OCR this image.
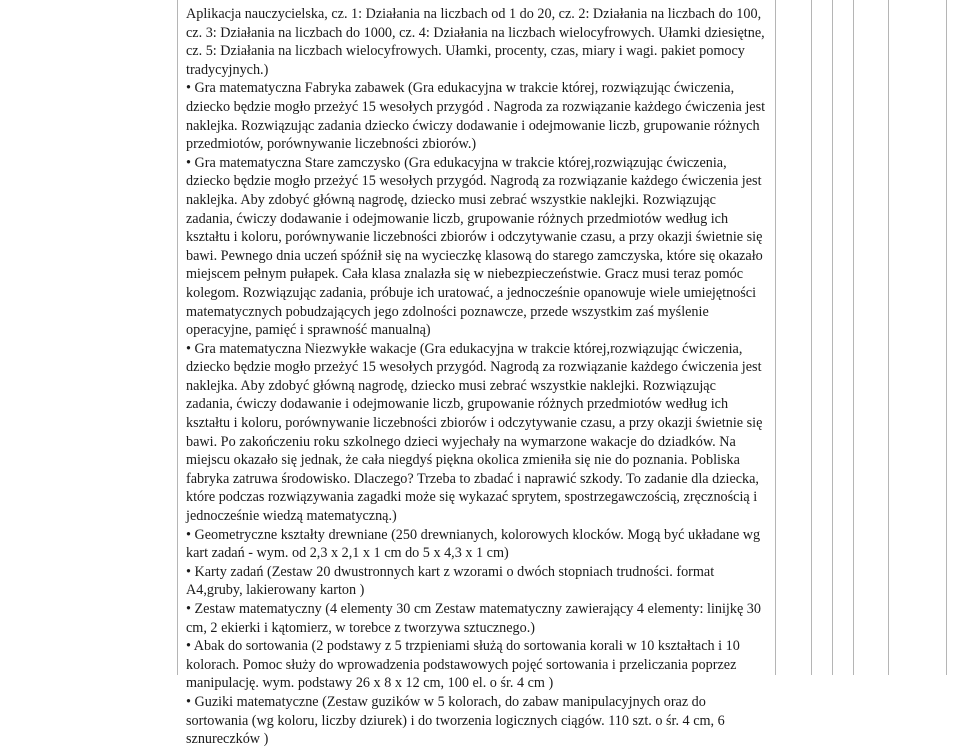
Aplikacja nauczycielska, cz. 1: Działania na liczbach od 1 do 20, cz. 2: Działania na liczbach do 100, cz. 3: Działania na liczbach do 1000, cz. 4: Działania na liczbach wielocyfrowych. Ułamki dziesiętne, cz. 5: Działania na liczbach wielocyfrowych. Ułamki, procenty, czas, miary i wagi. pakiet pomocy tradycyjnych.)

• Gra matematyczna Fabryka zabawek (Gra edukacyjna w trakcie której, rozwiązując ćwiczenia, dziecko będzie mogło przeżyć 15 wesołych przygód . Nagroda za rozwiązanie każdego ćwiczenia jest naklejka. Rozwiązując zadania dziecko ćwiczy dodawanie i odejmowanie liczb, grupowanie różnych przedmiotów, porównywanie liczebności zbiorów.)

• Gra matematyczna Stare zamczysko (Gra edukacyjna w trakcie której,rozwiązując ćwiczenia, dziecko będzie mogło przeżyć 15 wesołych przygód. Nagrodą za rozwiązanie każdego ćwiczenia jest naklejka. Aby zdobyć główną nagrodę, dziecko musi zebrać wszystkie naklejki. Rozwiązując zadania, ćwiczy dodawanie i odejmowanie liczb, grupowanie różnych przedmiotów według ich kształtu i koloru, porównywanie liczebności zbiorów i odczytywanie czasu, a przy okazji świetnie się bawi. Pewnego dnia uczeń spóźnił się na wycieczkę klasową do starego zamczyska, które się okazało miejscem pełnym pułapek. Cała klasa znalazła się w niebezpieczeństwie. Gracz musi teraz pomóc kolegom. Rozwiązując zadania, próbuje ich uratować, a jednocześnie opanowuje wiele umiejętności matematycznych pobudzających jego zdolności poznawcze, przede wszystkim zaś myślenie operacyjne, pamięć i sprawność manualną)

• Gra matematyczna Niezwykłe wakacje (Gra edukacyjna w trakcie której,rozwiązując ćwiczenia, dziecko będzie mogło przeżyć 15 wesołych przygód. Nagrodą za rozwiązanie każdego ćwiczenia jest naklejka. Aby zdobyć główną nagrodę, dziecko musi zebrać wszystkie naklejki. Rozwiązując zadania, ćwiczy dodawanie i odejmowanie liczb, grupowanie różnych przedmiotów według ich kształtu i koloru, porównywanie liczebności zbiorów i odczytywanie czasu, a przy okazji świetnie się bawi. Po zakończeniu roku szkolnego dzieci wyjechały na wymarzone wakacje do dziadków. Na miejscu okazało się jednak, że cała niegdyś piękna okolica zmieniła się nie do poznania. Pobliska fabryka zatruwa środowisko. Dlaczego? Trzeba to zbadać i naprawić szkody. To zadanie dla dziecka, które podczas rozwiązywania zagadki może się wykazać sprytem, spostrzegawczością, zręcznością i jednocześnie wiedzą matematyczną.)

• Geometryczne kształty drewniane (250 drewnianych, kolorowych klocków. Mogą być układane wg kart zadań - wym. od 2,3 x 2,1 x 1 cm do 5 x 4,3 x 1 cm)

• Karty zadań (Zestaw 20 dwustronnych kart z wzorami o dwóch stopniach trudności. format A4,gruby, lakierowany karton )

• Zestaw matematyczny (4 elementy 30 cm Zestaw matematyczny zawierający 4 elementy: linijkę 30 cm, 2 ekierki i kątomierz, w torebce z tworzywa sztucznego.)

• Abak do sortowania (2 podstawy z 5 trzpieniami służą do sortowania korali w 10 kształtach i 10 kolorach. Pomoc służy do wprowadzenia podstawowych pojęć sortowania i przeliczania poprzez manipulację. wym. podstawy 26 x 8 x 12 cm, 100 el. o śr. 4 cm )

• Guziki matematyczne (Zestaw guzików w 5 kolorach, do zabaw manipulacyjnych oraz do sortowania (wg koloru, liczby dziurek) i do tworzenia logicznych ciągów. 110 szt. o śr. 4 cm, 6 sznureczków )
